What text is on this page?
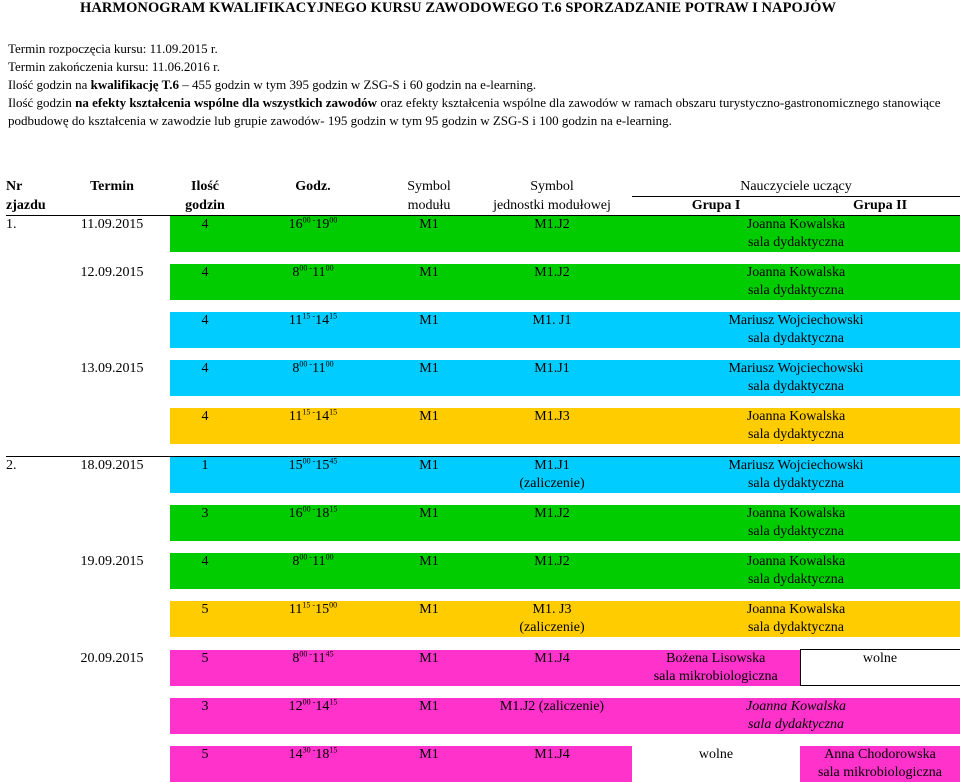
HARMONOGRAM KWALIFIKACYJNEGO KURSU ZAWODOWEGO T.6 SPORZADZANIE POTRAW I NAPOJÓW
Termin rozpoczęcia kursu: 11.09.2015 r.
Termin zakończenia kursu: 11.06.2016 r.
Ilość godzin na kwalifikację T.6 – 455 godzin w tym 395 godzin w ZSG-S i 60 godzin na e-learning.
Ilość godzin na efekty kształcenia wspólne dla wszystkich zawodów oraz efekty kształcenia wspólne dla zawodów w ramach obszaru turystyczno-gastronomicznego stanowiące podbudowę do kształcenia w zawodzie lub grupie zawodów- 195 godzin w tym 95 godzin w ZSG-S i 100 godzin na e-learning.
Nr	Termin	Ilość	Godz.	Symbol	Symbol	Nauczyciele uczący	
zjazdu		godzin		modułu	jednostki modułowej	Grupa I	Grupa II
1.	11.09.2015	4	$16^{00}$ $^-19^{00}$	M1	M1.J2	Joanna Kowalska	
						sala dydaktyczna	

	12.09.2015	4	$8^{00}$ $^-11^{00}$	M1	M1.J2	Joanna Kowalska	
						sala dydaktyczna	

		4	$11^{15}$ $^-14^{15}$	M1	M1. J1	Mariusz Wojciechowski	
						sala dydaktyczna	

	13.09.2015	4	$8^{00}$ $^-11^{00}$	M1	M1.J1	Mariusz Wojciechowski	
						sala dydaktyczna	

		4	$11^{15}$ $^-14^{15}$	M1	M1.J3	Joanna Kowalska	
						sala dydaktyczna	

2.	18.09.2015	1	$15^{00}$ $^-15^{45}$	M1	M1.J1	Mariusz Wojciechowski	
					(zaliczenie)	sala dydaktyczna	

		3	$16^{00}$ $^-18^{15}$	M1	M1.J2	Joanna Kowalska	
						sala dydaktyczna	

	19.09.2015	4	$8^{00}$ $^-11^{00}$	M1	M1.J2	Joanna Kowalska	
						sala dydaktyczna	

		5	$11^{15}$ $^-15^{00}$	M1	M1. J3	Joanna Kowalska	
					(zaliczenie)	sala dydaktyczna	

	20.09.2015	5	$8^{00}$ $^-11^{45}$	M1	M1.J4	Bożena Lisowska	wolne
						sala mikrobiologiczna	

		3	$12^{00}$ $^-14^{15}$	M1	M1.J2 (zaliczenie)	Joanna Kowalska	
						sala dydaktyczna	

		5	$14^{30}$ $^-18^{15}$	M1	M1.J4	wolne	Anna Chodorowska
							sala mikrobiologiczna
